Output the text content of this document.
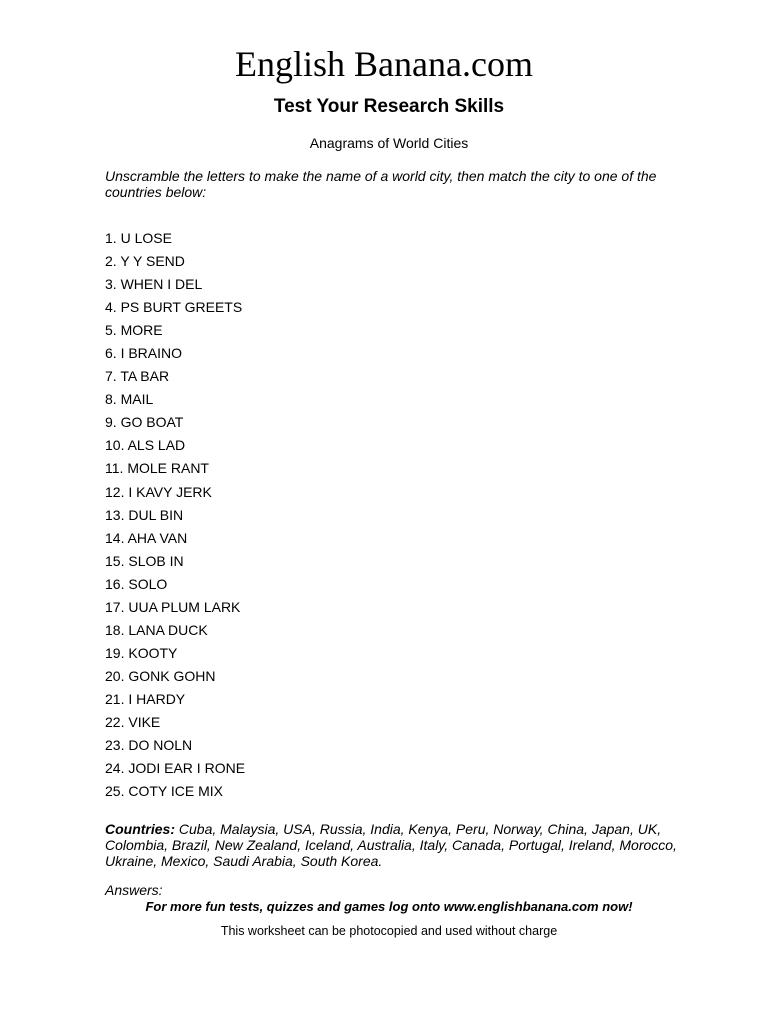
English Banana.com
Test Your Research Skills
Anagrams of World Cities
Unscramble the letters to make the name of a world city, then match the city to one of the countries below:
1. U LOSE
2. Y Y SEND
3. WHEN I DEL
4. PS BURT GREETS
5. MORE
6. I BRAINO
7. TA BAR
8. MAIL
9. GO BOAT
10. ALS LAD
11. MOLE RANT
12. I KAVY JERK
13. DUL BIN
14. AHA VAN
15. SLOB IN
16. SOLO
17. UUA PLUM LARK
18. LANA DUCK
19. KOOTY
20. GONK GOHN
21. I HARDY
22. VIKE
23. DO NOLN
24. JODI EAR I RONE
25. COTY ICE MIX
Countries: Cuba, Malaysia, USA, Russia, India, Kenya, Peru, Norway, China, Japan, UK, Colombia, Brazil, New Zealand, Iceland, Australia, Italy, Canada, Portugal, Ireland, Morocco, Ukraine, Mexico, Saudi Arabia, South Korea.
Answers:
For more fun tests, quizzes and games log onto www.englishbanana.com now!
This worksheet can be photocopied and used without charge
